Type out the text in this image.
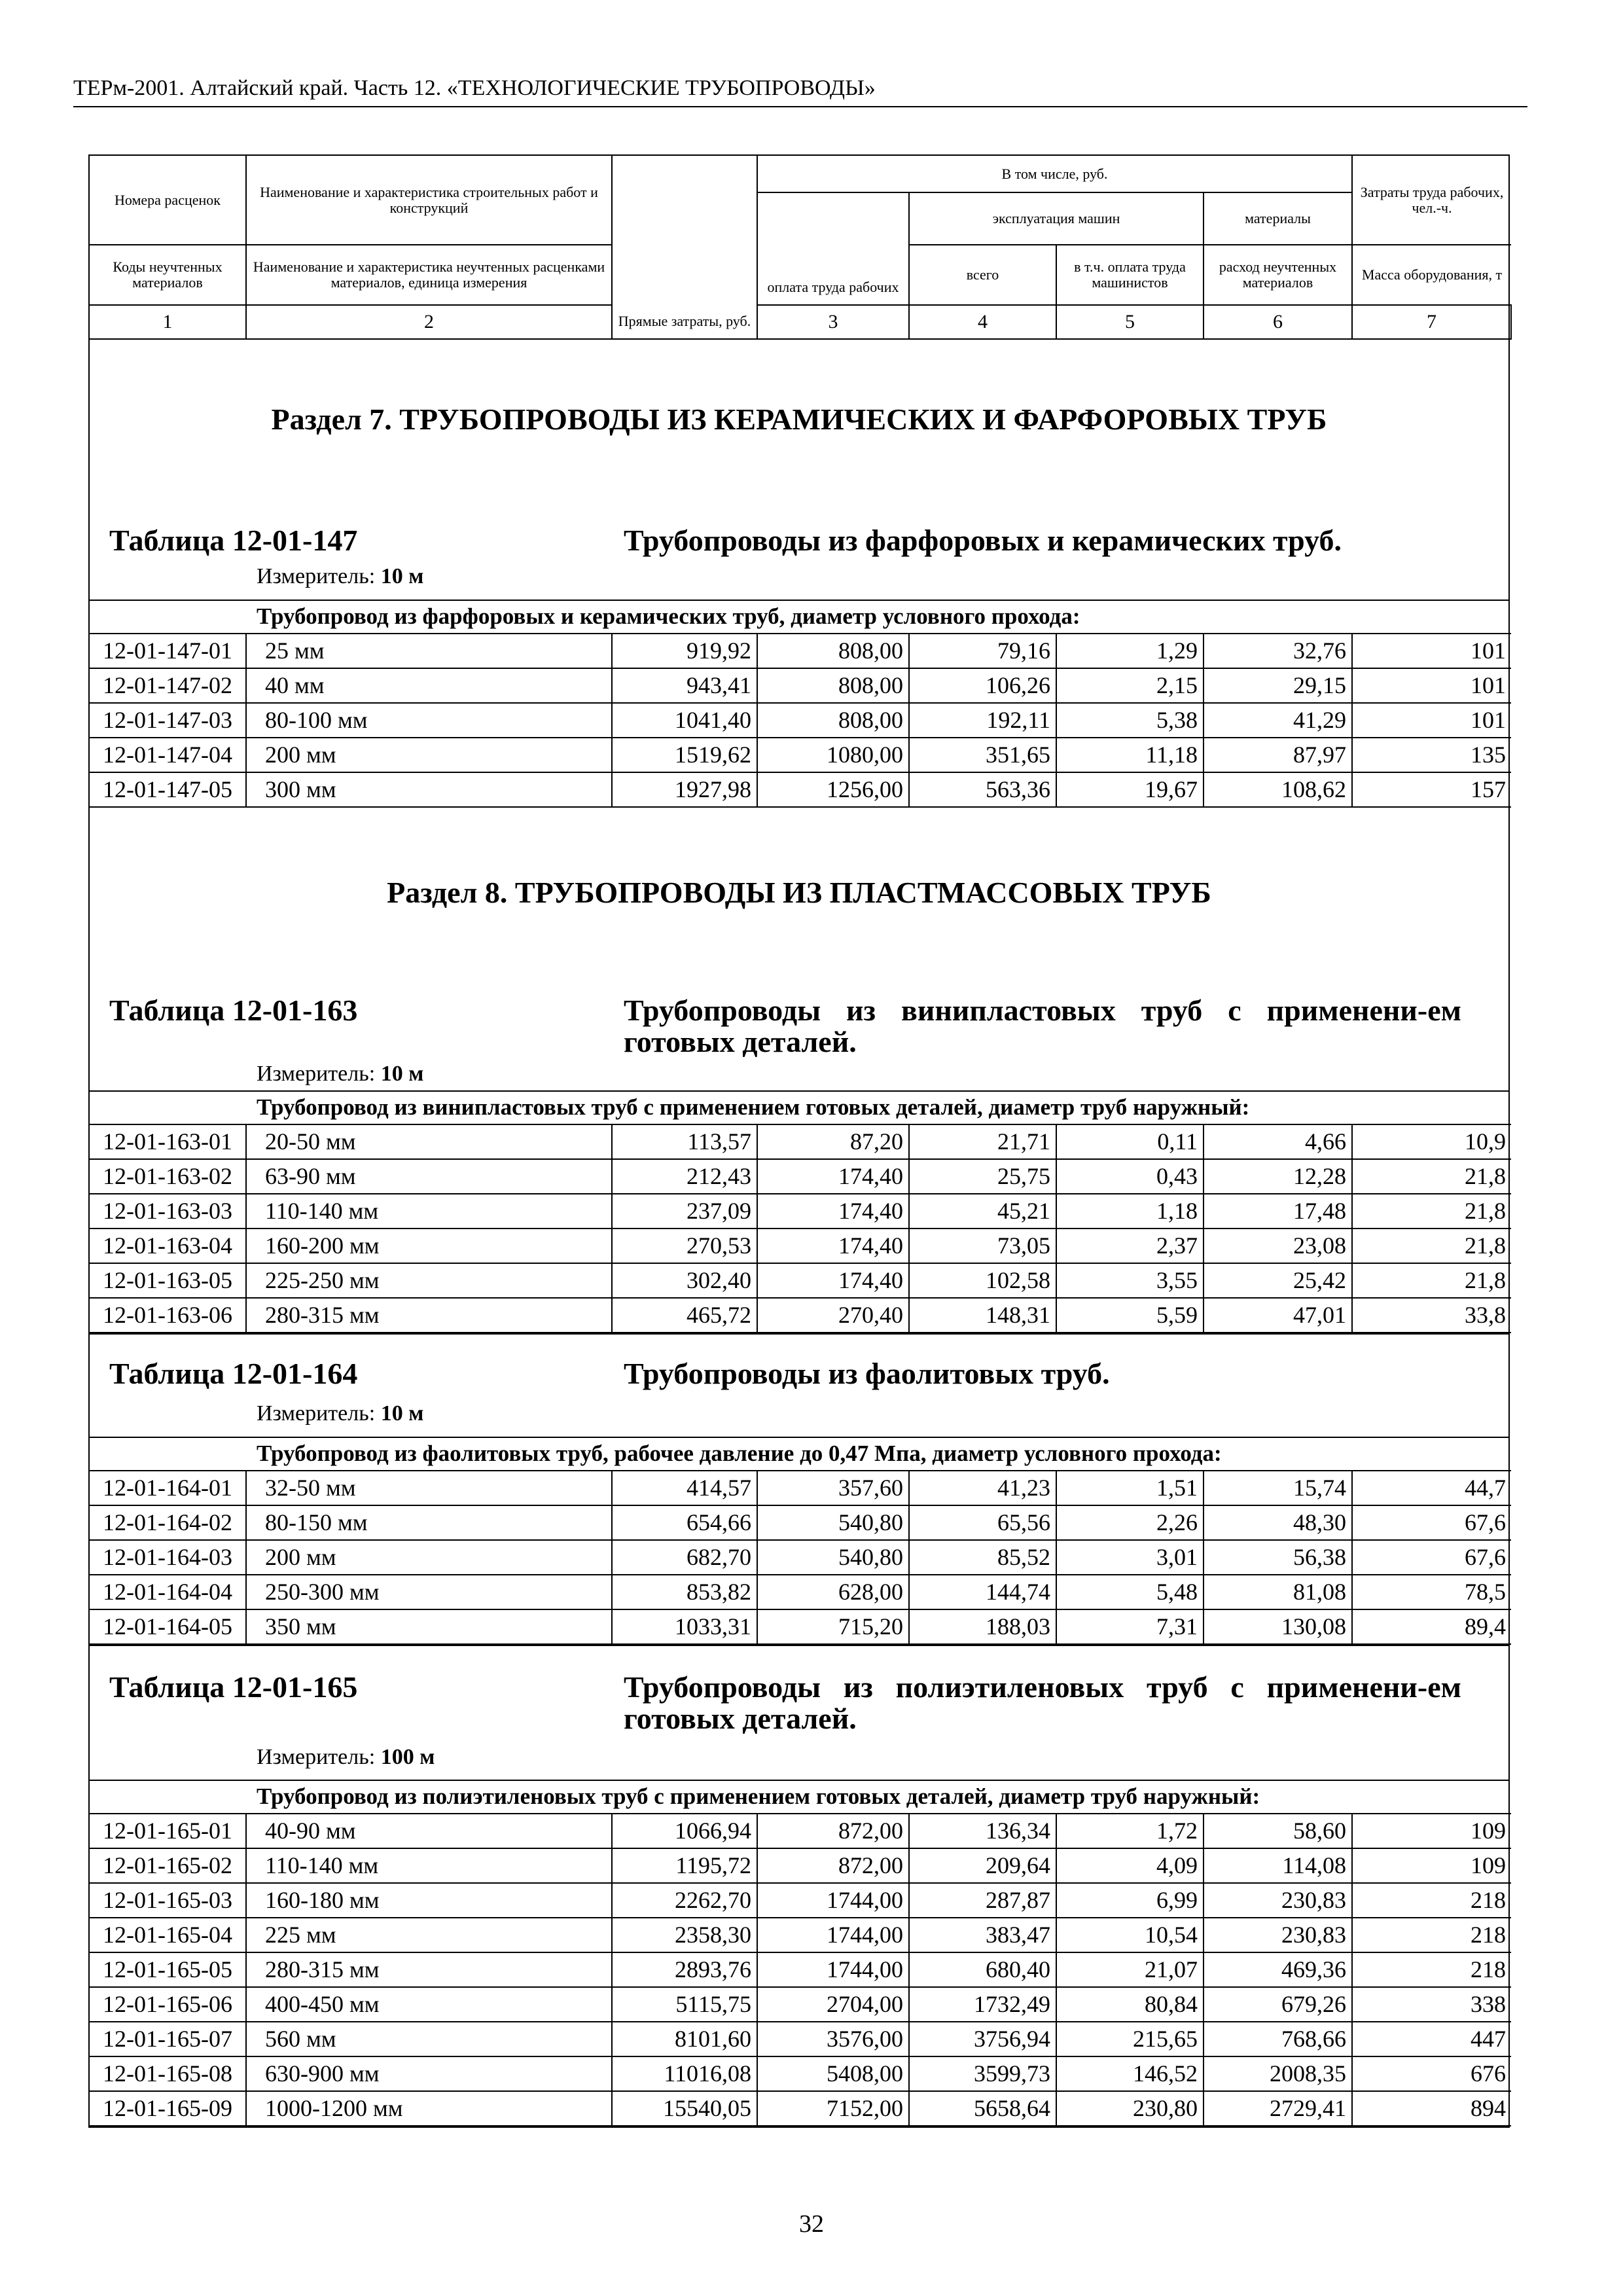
ТЕРм-2001. Алтайский край. Часть 12. «ТЕХНОЛОГИЧЕСКИЕ ТРУБОПРОВОДЫ»
Номера расценок	Наименование и характеристика строительных работ и конструкций	Прямые затраты, руб.	В том числе, руб.				Затраты труда рабочих, чел.-ч.	
			оплата труда рабочих	эксплуатация машин		материалы		
Коды неучтенных материалов	Наименование и характеристика неучтенных расценками материалов, единица измерения			всего	в т.ч. оплата труда машинистов	расход неучтенных материалов	Масса оборудования, т	
1	2		3	4	5	6	7	
Раздел 7. ТРУБОПРОВОДЫ ИЗ КЕРАМИЧЕСКИХ И ФАРФОРОВЫХ ТРУБ
Таблица 12-01-147	Трубопроводы из фарфоровых и керамических труб.
Измеритель: 10 м
Трубопровод из фарфоровых и керамических труб, диаметр условного прохода:
12-01-147-01	25 мм	919,92	808,00	79,16	1,29	32,76	101
12-01-147-02	40 мм	943,41	808,00	106,26	2,15	29,15	101
12-01-147-03	80-100 мм	1041,40	808,00	192,11	5,38	41,29	101
12-01-147-04	200 мм	1519,62	1080,00	351,65	11,18	87,97	135
12-01-147-05	300 мм	1927,98	1256,00	563,36	19,67	108,62	157
Раздел 8. ТРУБОПРОВОДЫ ИЗ ПЛАСТМАССОВЫХ ТРУБ
Таблица 12-01-163	Трубопроводы из винипластовых труб с применени-ем готовых деталей.
Измеритель: 10 м
Трубопровод из винипластовых труб с применением готовых деталей, диаметр труб наружный:
12-01-163-01	20-50 мм	113,57	87,20	21,71	0,11	4,66	10,9
12-01-163-02	63-90 мм	212,43	174,40	25,75	0,43	12,28	21,8
12-01-163-03	110-140 мм	237,09	174,40	45,21	1,18	17,48	21,8
12-01-163-04	160-200 мм	270,53	174,40	73,05	2,37	23,08	21,8
12-01-163-05	225-250 мм	302,40	174,40	102,58	3,55	25,42	21,8
12-01-163-06	280-315 мм	465,72	270,40	148,31	5,59	47,01	33,8
Таблица 12-01-164	Трубопроводы из фаолитовых труб.
Измеритель: 10 м
Трубопровод из фаолитовых труб, рабочее давление до 0,47 Мпа, диаметр условного прохода:
12-01-164-01	32-50 мм	414,57	357,60	41,23	1,51	15,74	44,7
12-01-164-02	80-150 мм	654,66	540,80	65,56	2,26	48,30	67,6
12-01-164-03	200 мм	682,70	540,80	85,52	3,01	56,38	67,6
12-01-164-04	250-300 мм	853,82	628,00	144,74	5,48	81,08	78,5
12-01-164-05	350 мм	1033,31	715,20	188,03	7,31	130,08	89,4
Таблица 12-01-165	Трубопроводы из полиэтиленовых труб с применени-ем готовых деталей.
Измеритель: 100 м
Трубопровод из полиэтиленовых труб с применением готовых деталей, диаметр труб наружный:
12-01-165-01	40-90 мм	1066,94	872,00	136,34	1,72	58,60	109
12-01-165-02	110-140 мм	1195,72	872,00	209,64	4,09	114,08	109
12-01-165-03	160-180 мм	2262,70	1744,00	287,87	6,99	230,83	218
12-01-165-04	225 мм	2358,30	1744,00	383,47	10,54	230,83	218
12-01-165-05	280-315 мм	2893,76	1744,00	680,40	21,07	469,36	218
12-01-165-06	400-450 мм	5115,75	2704,00	1732,49	80,84	679,26	338
12-01-165-07	560 мм	8101,60	3576,00	3756,94	215,65	768,66	447
12-01-165-08	630-900 мм	11016,08	5408,00	3599,73	146,52	2008,35	676
12-01-165-09	1000-1200 мм	15540,05	7152,00	5658,64	230,80	2729,41	894
32
